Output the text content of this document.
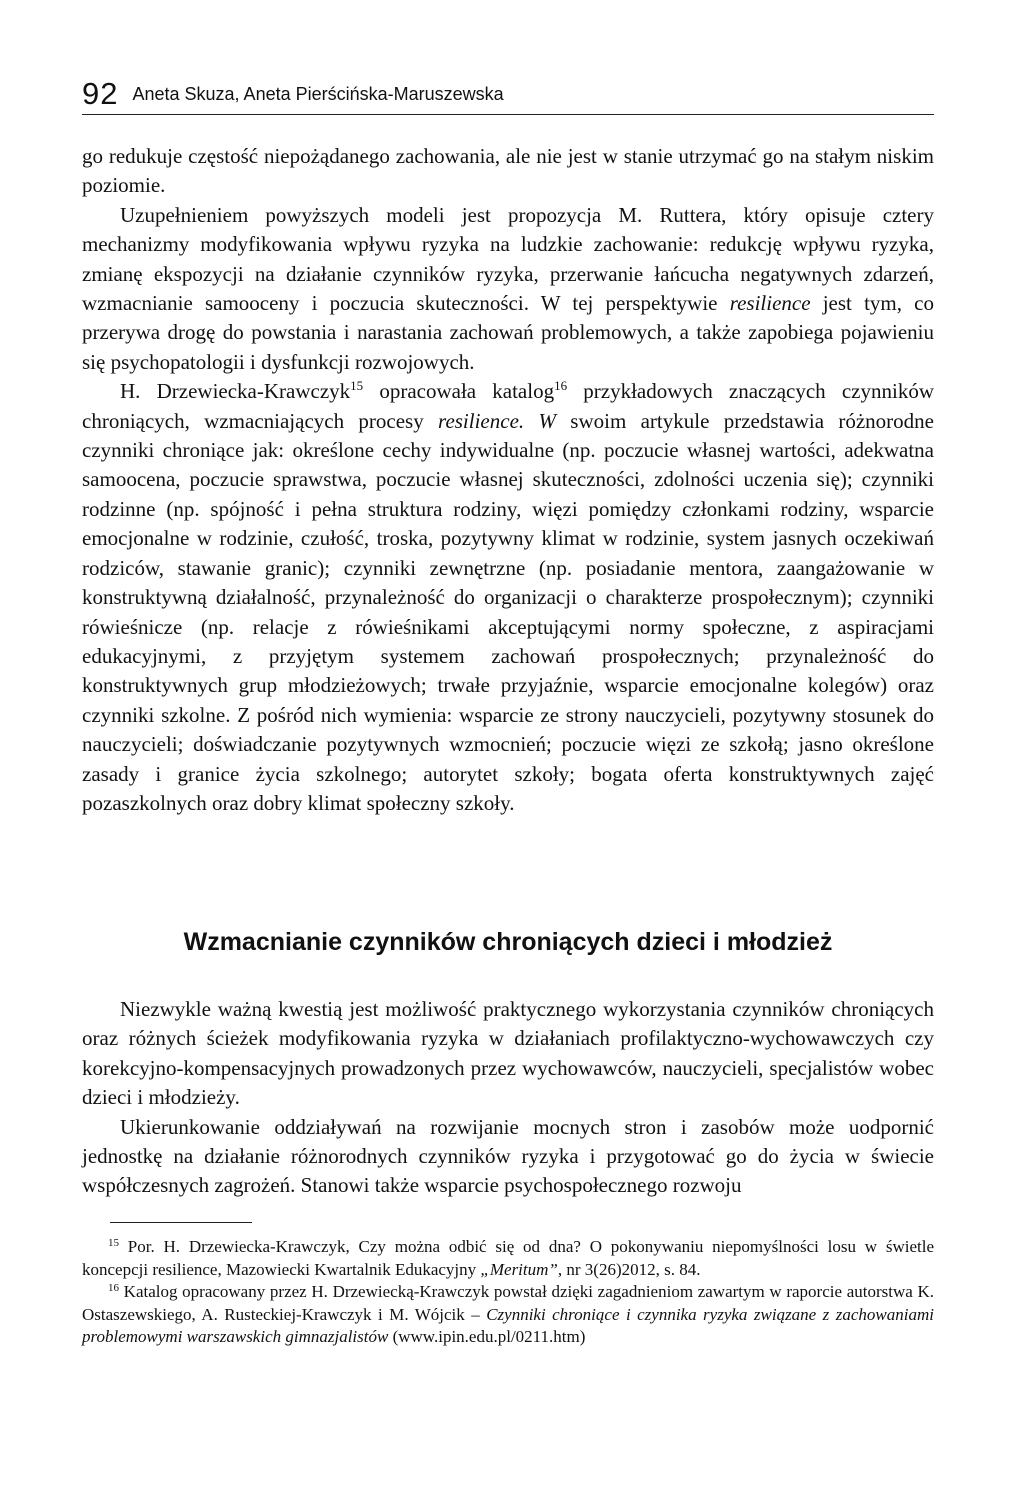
92 Aneta Skuza, Aneta Pierścińska-Maruszewska

go redukuje częstość niepożądanego zachowania, ale nie jest w stanie utrzymać go na stałym niskim poziomie.

Uzupełnieniem powyższych modeli jest propozycja M. Ruttera, który opisuje cztery mechanizmy modyfikowania wpływu ryzyka na ludzkie zachowanie: redukcję wpływu ryzyka, zmianę ekspozycji na działanie czynników ryzyka, przerwanie łańcucha negatywnych zdarzeń, wzmacnianie samooceny i poczucia skuteczności. W tej perspektywie resilience jest tym, co przerywa drogę do powstania i narastania zachowań problemowych, a także zapobiega pojawieniu się psychopatologii i dysfunkcji rozwojowych.

H. Drzewiecka-Krawczyk$^{15}$ opracowała katalog$^{16}$ przykładowych znaczących czynników chroniących, wzmacniających procesy resilience. W swoim artykule przedstawia różnorodne czynniki chroniące jak: określone cechy indywidualne (np. poczucie własnej wartości, adekwatna samoocena, poczucie sprawstwa, poczucie własnej skuteczności, zdolności uczenia się); czynniki rodzinne (np. spójność i pełna struktura rodziny, więzi pomiędzy członkami rodziny, wsparcie emocjonalne w rodzinie, czułość, troska, pozytywny klimat w rodzinie, system jasnych oczekiwań rodziców, stawanie granic); czynniki zewnętrzne (np. posiadanie mentora, zaangażowanie w konstruktywną działalność, przynależność do organizacji o charakterze prospołecznym); czynniki rówieśnicze (np. relacje z rówieśnikami akceptującymi normy społeczne, z aspiracjami edukacyjnymi, z przyjętym systemem zachowań prospołecznych; przynależność do konstruktywnych grup młodzieżowych; trwałe przyjaźnie, wsparcie emocjonalne kolegów) oraz czynniki szkolne. Z pośród nich wymienia: wsparcie ze strony nauczycieli, pozytywny stosunek do nauczycieli; doświadczanie pozytywnych wzmocnień; poczucie więzi ze szkołą; jasno określone zasady i granice życia szkolnego; autorytet szkoły; bogata oferta konstruktywnych zajęć pozaszkolnych oraz dobry klimat społeczny szkoły.

Wzmacnianie czynników chroniących dzieci i młodzież

Niezwykle ważną kwestią jest możliwość praktycznego wykorzystania czynników chroniących oraz różnych ścieżek modyfikowania ryzyka w działaniach profilaktyczno-wychowawczych czy korekcyjno-kompensacyjnych prowadzonych przez wychowawców, nauczycieli, specjalistów wobec dzieci i młodzieży.

Ukierunkowanie oddziaływań na rozwijanie mocnych stron i zasobów może uodpornić jednostkę na działanie różnorodnych czynników ryzyka i przygotować go do życia w świecie współczesnych zagrożeń. Stanowi także wsparcie psychospołecznego rozwoju

$^{15}$ Por. H. Drzewiecka-Krawczyk, Czy można odbić się od dna? O pokonywaniu niepomyślności losu w świetle koncepcji resilience, Mazowiecki Kwartalnik Edukacyjny „Meritum”, nr 3(26)2012, s. 84.

$^{16}$ Katalog opracowany przez H. Drzewiecką-Krawczyk powstał dzięki zagadnieniom zawartym w raporcie autorstwa K. Ostaszewskiego, A. Rusteckiej-Krawczyk i M. Wójcik – Czynniki chroniące i czynnika ryzyka związane z zachowaniami problemowymi warszawskich gimnazjalistów (www.ipin.edu.pl/0211.htm)
